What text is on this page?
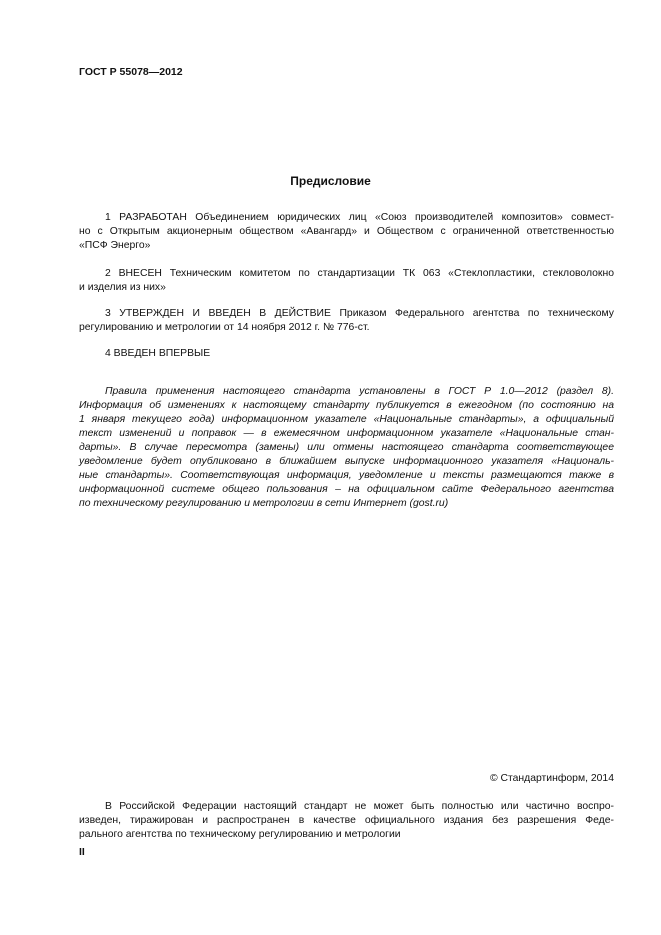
ГОСТ Р 55078—2012
Предисловие
1 РАЗРАБОТАН Объединением юридических лиц «Союз производителей композитов» совмест-
но с Открытым акционерным обществом «Авангард» и Обществом с ограниченной ответственностью
«ПСФ Энерго»
2 ВНЕСЕН Техническим комитетом по стандартизации ТК 063 «Стеклопластики, стекловолокно
и изделия из них»
3 УТВЕРЖДЕН И ВВЕДЕН В ДЕЙСТВИЕ Приказом Федерального агентства по техническому
регулированию и метрологии от 14 ноября 2012 г. № 776-ст.
4 ВВЕДЕН ВПЕРВЫЕ
Правила применения настоящего стандарта установлены в ГОСТ Р 1.0—2012 (раздел 8).
Информация об изменениях к настоящему стандарту публикуется в ежегодном (по состоянию на
1 января текущего года) информационном указателе «Национальные стандарты», а официальный
текст изменений и поправок — в ежемесячном информационном указателе «Национальные стан-
дарты». В случае пересмотра (замены) или отмены настоящего стандарта соответствующее
уведомление будет опубликовано в ближайшем выпуске информационного указателя «Националь-
ные стандарты». Соответствующая информация, уведомление и тексты размещаются также в
информационной системе общего пользования – на официальном сайте Федерального агентства
по техническому регулированию и метрологии в сети Интернет (gost.ru)
© Стандартинформ, 2014
В Российской Федерации настоящий стандарт не может быть полностью или частично воспро-
изведен, тиражирован и распространен в качестве официального издания без разрешения Феде-
рального агентства по техническому регулированию и метрологии
II
